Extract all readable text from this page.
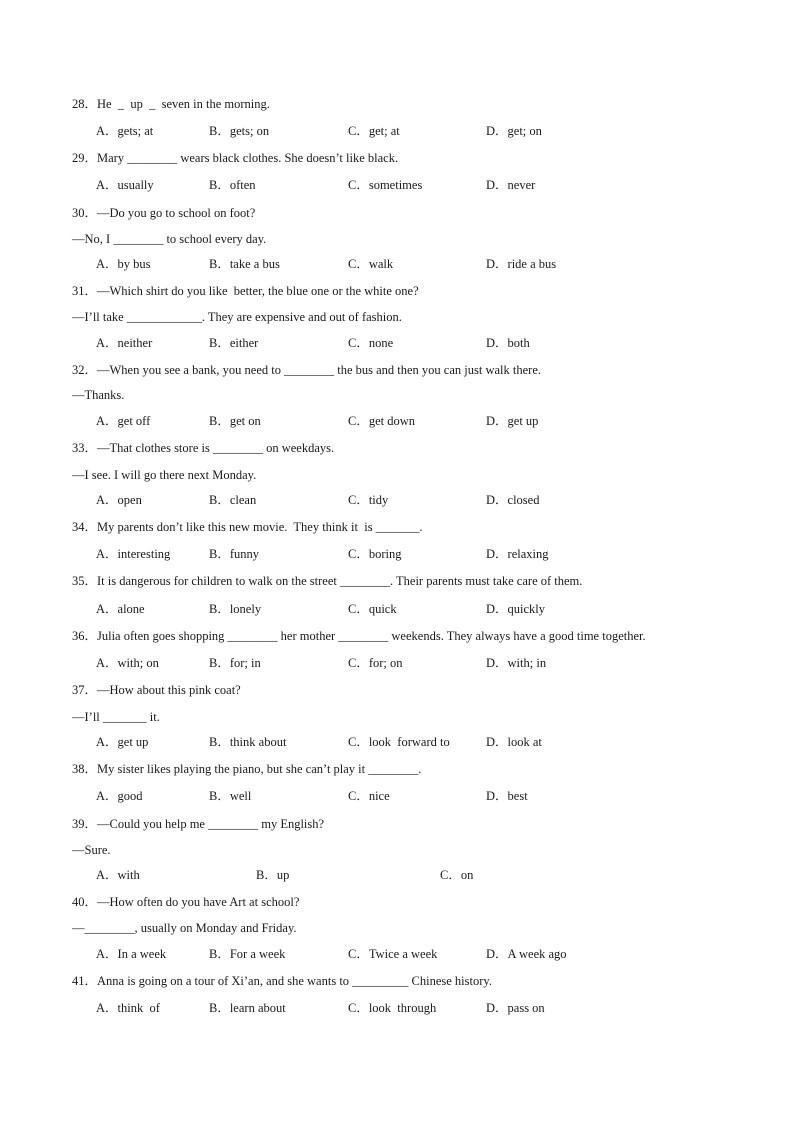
28．He  _  up  _  seven in the morning.
A．gets; at	B．gets; on	C．get; at	D．get; on
29．Mary ________ wears black clothes. She doesn’t like black.
A．usually	B．often	C．sometimes	D．never
30．—Do you go to school on foot?
—No, I ________ to school every day.
A．by bus	B．take a bus	C．walk	D．ride a bus
31．—Which shirt do you like  better, the blue one or the white one?
—I’ll take ____________. They are expensive and out of fashion.
A．neither	B．either	C．none	D．both
32．—When you see a bank, you need to ________ the bus and then you can just walk there.
—Thanks.
A．get off	B．get on	C．get down	D．get up
33．—That clothes store is ________ on weekdays.
—I see. I will go there next Monday.
A．open	B．clean	C．tidy	D．closed
34．My parents don’t like this new movie.  They think it  is _______.
A．interesting	B．funny	C．boring	D．relaxing
35．It is dangerous for children to walk on the street ________. Their parents must take care of them.
A．alone	B．lonely	C．quick	D．quickly
36．Julia often goes shopping ________ her mother ________ weekends. They always have a good time together.
A．with; on	B．for; in	C．for; on	D．with; in
37．—How about this pink coat?
—I’ll _______ it.
A．get up	B．think about	C．look  forward to	D．look at
38．My sister likes playing the piano, but she can’t play it ________.
A．good	B．well	C．nice	D．best
39．—Could you help me ________ my English?
—Sure.
A．with	B．up	C．on
40．—How often do you have Art at school?
—________, usually on Monday and Friday.
A．In a week	B．For a week	C．Twice a week	D．A week ago
41．Anna is going on a tour of Xi’an, and she wants to _________ Chinese history.
A．think  of	B．learn about	C．look  through	D．pass on
